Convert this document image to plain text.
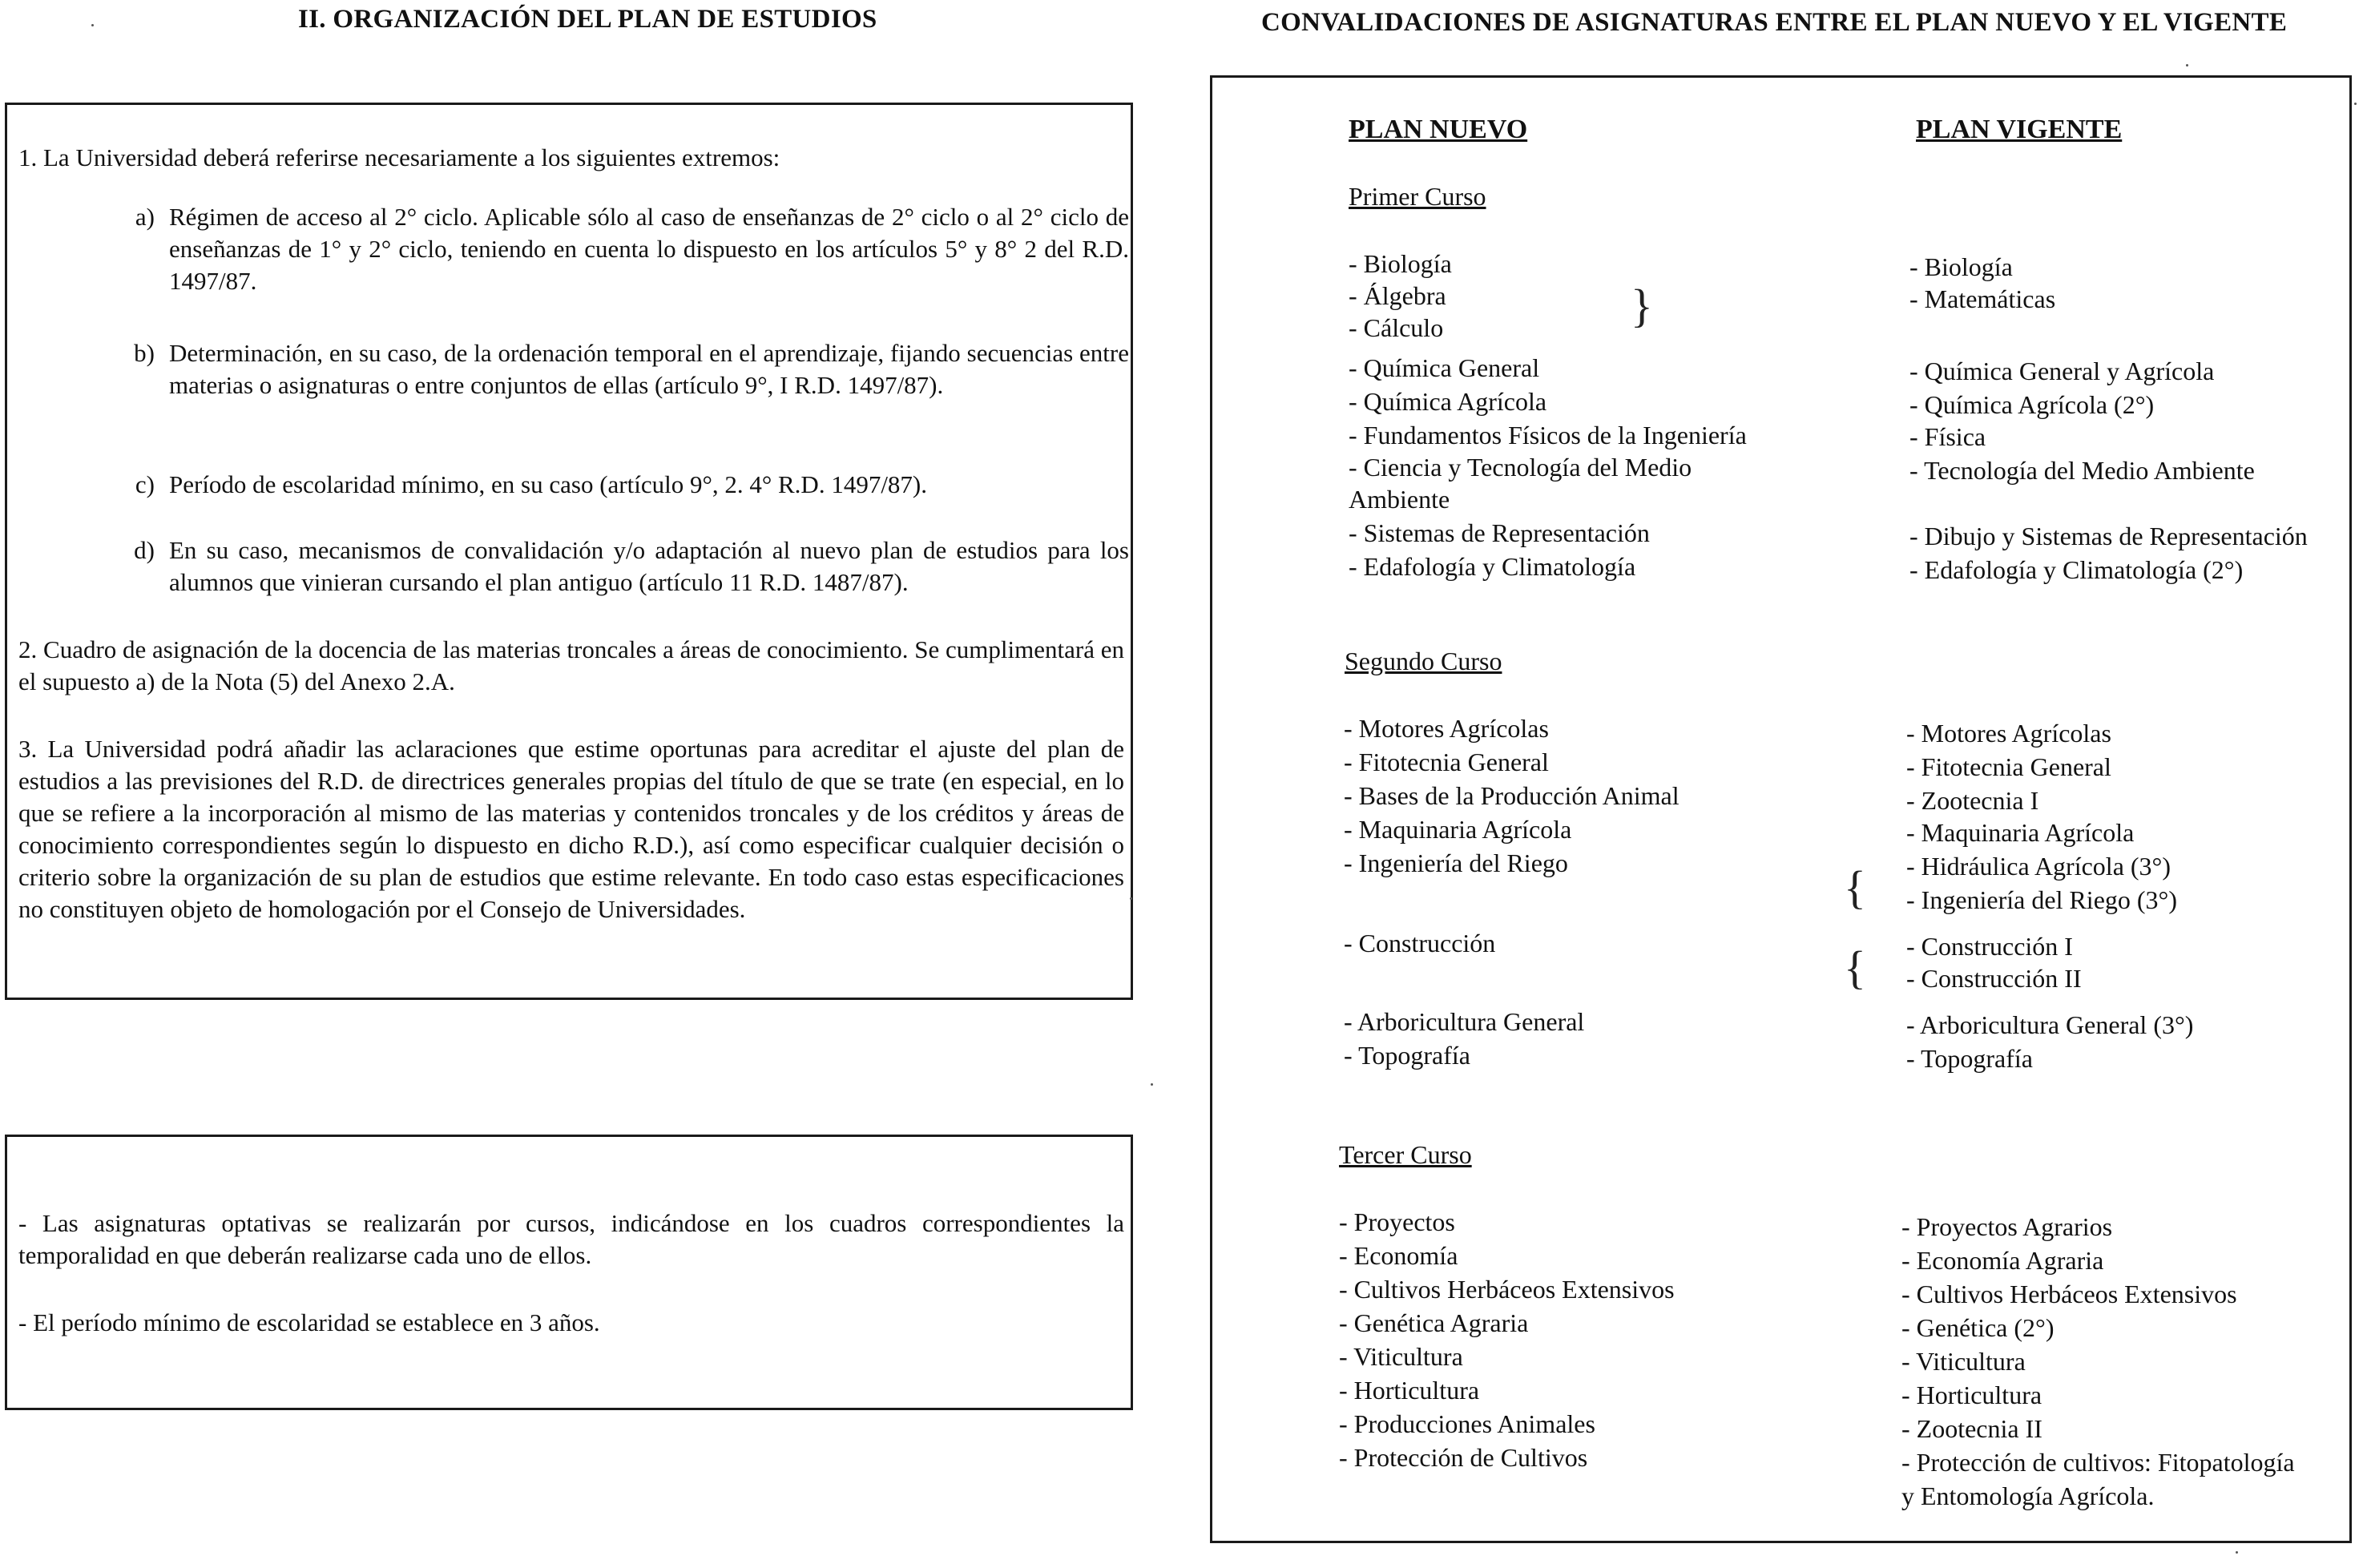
II. ORGANIZACIÓN DEL PLAN DE ESTUDIOS
1. La Universidad deberá referirse necesariamente a los siguientes extremos:
a) Régimen de acceso al 2° ciclo. Aplicable sólo al caso de enseñanzas de 2° ciclo o al 2° ciclo de enseñanzas de 1° y 2° ciclo, teniendo en cuenta lo dispuesto en los artículos 5° y 8° 2 del R.D. 1497/87.
b) Determinación, en su caso, de la ordenación temporal en el aprendizaje, fijando secuencias entre materias o asignaturas o entre conjuntos de ellas (artículo 9°, I R.D. 1497/87).
c) Período de escolaridad mínimo, en su caso (artículo 9°, 2. 4° R.D. 1497/87).
d) En su caso, mecanismos de convalidación y/o adaptación al nuevo plan de estudios para los alumnos que vinieran cursando el plan antiguo (artículo 11 R.D. 1487/87).
2. Cuadro de asignación de la docencia de las materias troncales a áreas de conocimiento. Se cumplimentará en el supuesto a) de la Nota (5) del Anexo 2.A.
3. La Universidad podrá añadir las aclaraciones que estime oportunas para acreditar el ajuste del plan de estudios a las previsiones del R.D. de directrices generales propias del título de que se trate (en especial, en lo que se refiere a la incorporación al mismo de las materias y contenidos troncales y de los créditos y áreas de conocimiento correspondientes según lo dispuesto en dicho R.D.), así como especificar cualquier decisión o criterio sobre la organización de su plan de estudios que estime relevante. En todo caso estas especificaciones no constituyen objeto de homologación por el Consejo de Universidades.
- Las asignaturas optativas se realizarán por cursos, indicándose en los cuadros correspondientes la temporalidad en que deberán realizarse cada uno de ellos.
- El período mínimo de escolaridad se establece en 3 años.
CONVALIDACIONES DE ASIGNATURAS ENTRE EL PLAN NUEVO Y EL VIGENTE
PLAN NUEVO	PLAN VIGENTE
Primer Curso
- Biología
- Álgebra
- Cálculo	}
- Química General
- Química Agrícola
- Fundamentos Físicos de la Ingeniería
- Ciencia y Tecnología del Medio
Ambiente
- Sistemas de Representación
- Edafología y Climatología
- Biología
- Matemáticas
- Química General y Agrícola
- Química Agrícola (2°)
- Física
- Tecnología del Medio Ambiente
- Dibujo y Sistemas de Representación
- Edafología y Climatología (2°)
Segundo Curso
- Motores Agrícolas
- Fitotecnia General
- Bases de la Producción Animal
- Maquinaria Agrícola
- Ingeniería del Riego
- Construcción
- Arboricultura General
- Topografía
{
{
- Motores Agrícolas
- Fitotecnia General
- Zootecnia I
- Maquinaria Agrícola
- Hidráulica Agrícola (3°)
- Ingeniería del Riego (3°)
- Construcción I
- Construcción II
- Arboricultura General (3°)
- Topografía
Tercer Curso
- Proyectos
- Economía
- Cultivos Herbáceos Extensivos
- Genética Agraria
- Viticultura
- Horticultura
- Producciones Animales
- Protección de Cultivos
- Proyectos Agrarios
- Economía Agraria
- Cultivos Herbáceos Extensivos
- Genética (2°)
- Viticultura
- Horticultura
- Zootecnia II
- Protección de cultivos: Fitopatología
y Entomología Agrícola.
